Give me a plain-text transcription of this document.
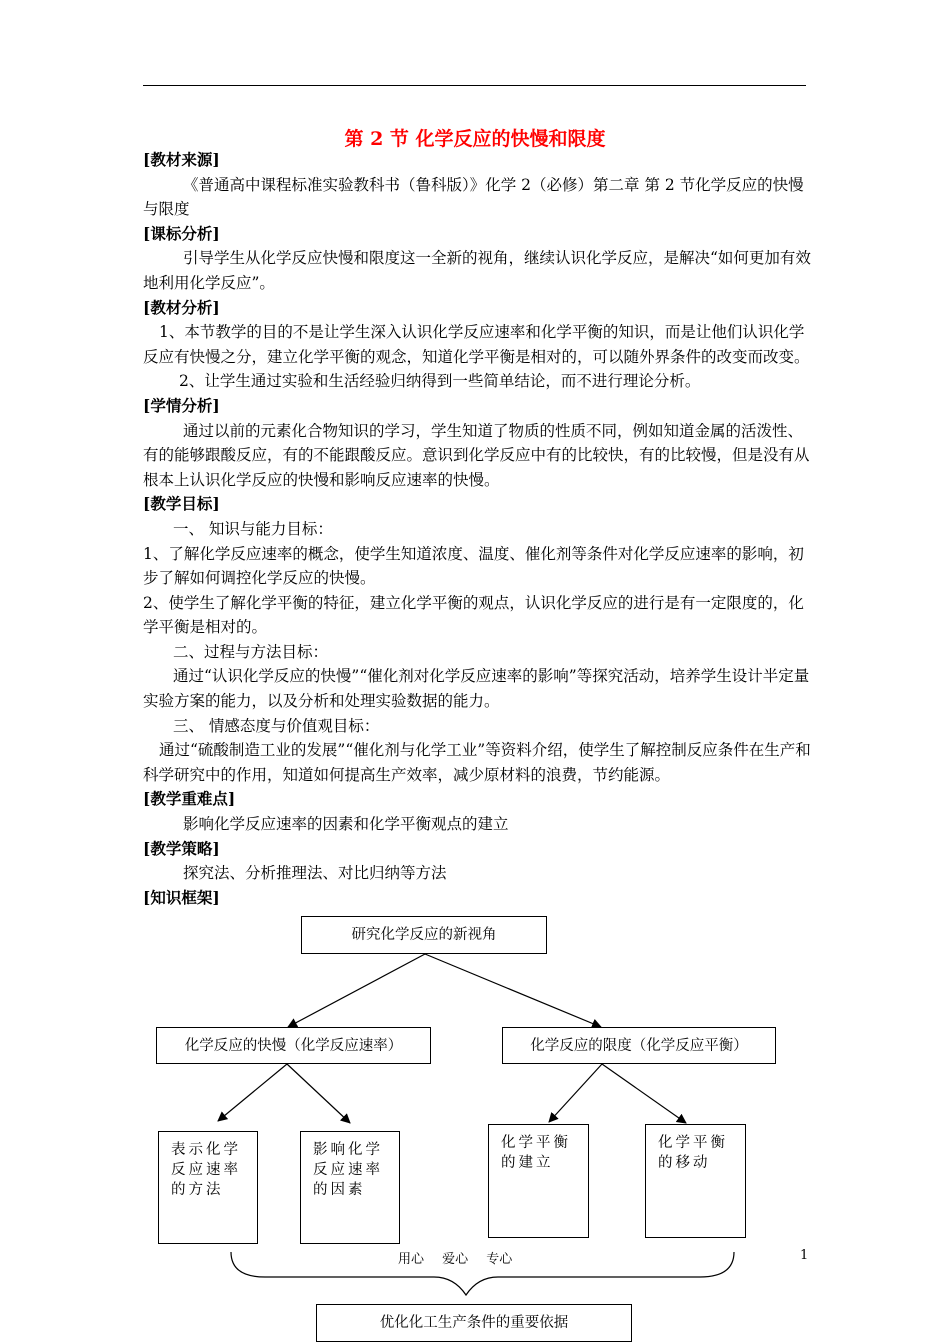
第 2 节 化学反应的快慢和限度

[教材来源]

《普通高中课程标准实验教科书（鲁科版）》化学 2（必修）第二章 第 2 节化学反应的快慢与限度

[课标分析]

引导学生从化学反应快慢和限度这一全新的视角，继续认识化学反应，是解决“如何更加有效地利用化学反应”。

[教材分析]

1、本节教学的目的不是让学生深入认识化学反应速率和化学平衡的知识，而是让他们认识化学反应有快慢之分，建立化学平衡的观念，知道化学平衡是相对的，可以随外界条件的改变而改变。

2、让学生通过实验和生活经验归纳得到一些简单结论，而不进行理论分析。

[学情分析]

通过以前的元素化合物知识的学习，学生知道了物质的性质不同，例如知道金属的活泼性、有的能够跟酸反应，有的不能跟酸反应。意识到化学反应中有的比较快，有的比较慢，但是没有从根本上认识化学反应的快慢和影响反应速率的快慢。

[教学目标]

一、 知识与能力目标：

1、了解化学反应速率的概念，使学生知道浓度、温度、催化剂等条件对化学反应速率的影响，初步了解如何调控化学反应的快慢。

2、使学生了解化学平衡的特征，建立化学平衡的观点，认识化学反应的进行是有一定限度的，化学平衡是相对的。

二、过程与方法目标：

通过“认识化学反应的快慢”“催化剂对化学反应速率的影响”等探究活动，培养学生设计半定量实验方案的能力，以及分析和处理实验数据的能力。

三、 情感态度与价值观目标：

通过“硫酸制造工业的发展”“催化剂与化学工业”等资料介绍，使学生了解控制反应条件在生产和科学研究中的作用，知道如何提高生产效率，减少原材料的浪费，节约能源。

[教学重难点]

影响化学反应速率的因素和化学平衡观点的建立

[教学策略]

探究法、分析推理法、对比归纳等方法

[知识框架]

研究化学反应的新视角
化学反应的快慢（化学反应速率）	化学反应的限度（化学反应平衡）
表示化学反应速率的方法
影响化学反应速率的因素
化学平衡的建立
化学平衡的移动
优化化工生产条件的重要依据
用心 爱心 专心	1
